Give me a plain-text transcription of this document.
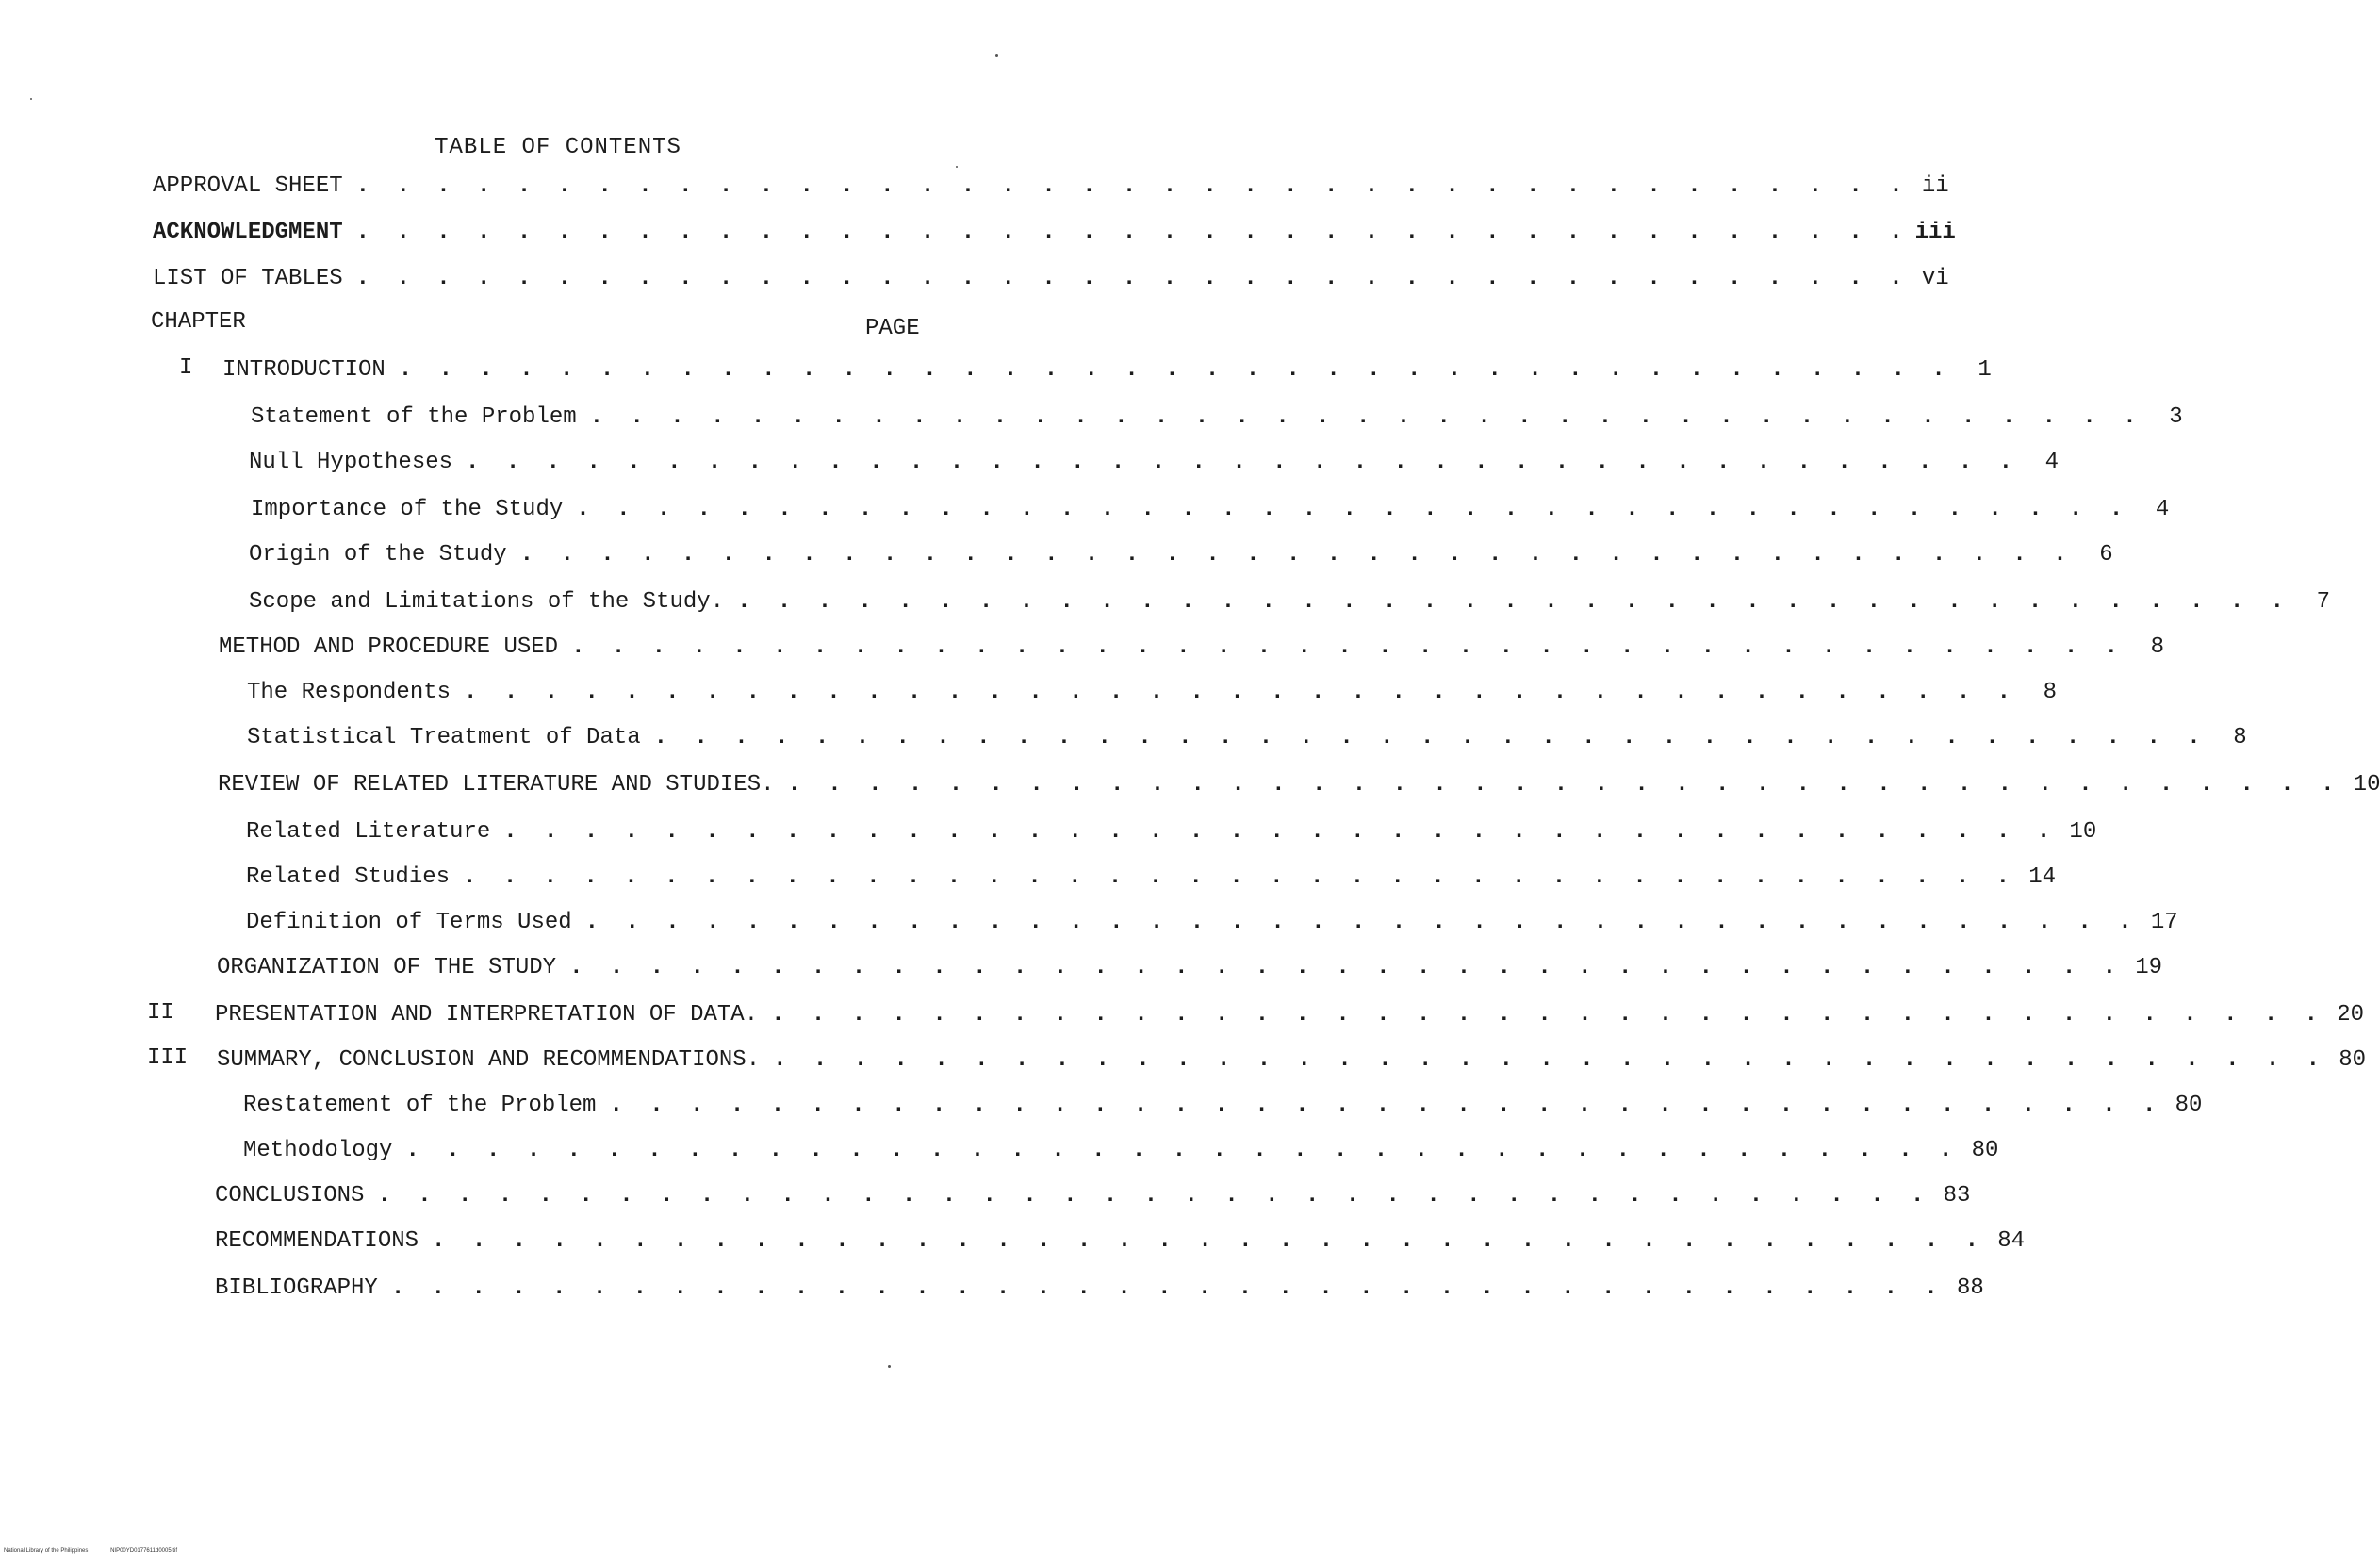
TABLE OF CONTENTS
APPROVAL SHEET . . . . . . . . . . . . . . . . . . . . . . . . . . . . . . . . . . . . . . . ii
ACKNOWLEDGMENT . . . . . . . . . . . . . . . . . . . . . . . . . . . . . . . . . . . . . . . iii
LIST OF TABLES . . . . . . . . . . . . . . . . . . . . . . . . . . . . . . . . . . . . . . . vi
CHAPTER	PAGE
I INTRODUCTION . . . . . . . . . . . . . . . . . . . . . . . . . . . . . . . . . . . . . . .	1
Statement of the Problem . . . . . . . . . . . . . . . . . . . . . . . . . . . . . . . . . . . . . . .	3
Null Hypotheses . . . . . . . . . . . . . . . . . . . . . . . . . . . . . . . . . . . . . . .	4
Importance of the Study . . . . . . . . . . . . . . . . . . . . . . . . . . . . . . . . . . . . . . .	4
Origin of the Study . . . . . . . . . . . . . . . . . . . . . . . . . . . . . . . . . . . . . . .	6
Scope and Limitations of the Study. . . . . . . . . . . . . . . . . . . . . . . . . . . . . . . . . . . . . . . .	7
METHOD AND PROCEDURE USED . . . . . . . . . . . . . . . . . . . . . . . . . . . . . . . . . . . . . . .	8
The Respondents . . . . . . . . . . . . . . . . . . . . . . . . . . . . . . . . . . . . . . .	8
Statistical Treatment of Data . . . . . . . . . . . . . . . . . . . . . . . . . . . . . . . . . . . . . . .	8
REVIEW OF RELATED LITERATURE AND STUDIES. . . . . . . . . . . . . . . . . . . . . . . . . . . . . . . . . . . . . . . . 10
Related Literature . . . . . . . . . . . . . . . . . . . . . . . . . . . . . . . . . . . . . . . 10
Related Studies . . . . . . . . . . . . . . . . . . . . . . . . . . . . . . . . . . . . . . . 14
Definition of Terms Used . . . . . . . . . . . . . . . . . . . . . . . . . . . . . . . . . . . . . . . 17
ORGANIZATION OF THE STUDY . . . . . . . . . . . . . . . . . . . . . . . . . . . . . . . . . . . . . . . 19
II PRESENTATION AND INTERPRETATION OF DATA. . . . . . . . . . . . . . . . . . . . . . . . . . . . . . . . . . . . . . . . 20
III SUMMARY, CONCLUSION AND RECOMMENDATIONS. . . . . . . . . . . . . . . . . . . . . . . . . . . . . . . . . . . . . . . . 80
Restatement of the Problem . . . . . . . . . . . . . . . . . . . . . . . . . . . . . . . . . . . . . . . 80
Methodology . . . . . . . . . . . . . . . . . . . . . . . . . . . . . . . . . . . . . . . 80
CONCLUSIONS . . . . . . . . . . . . . . . . . . . . . . . . . . . . . . . . . . . . . . . 83
RECOMMENDATIONS . . . . . . . . . . . . . . . . . . . . . . . . . . . . . . . . . . . . . . . 84
BIBLIOGRAPHY . . . . . . . . . . . . . . . . . . . . . . . . . . . . . . . . . . . . . . . 88
National Library of the Philippines	NIP00YD0177611d0005.tif
